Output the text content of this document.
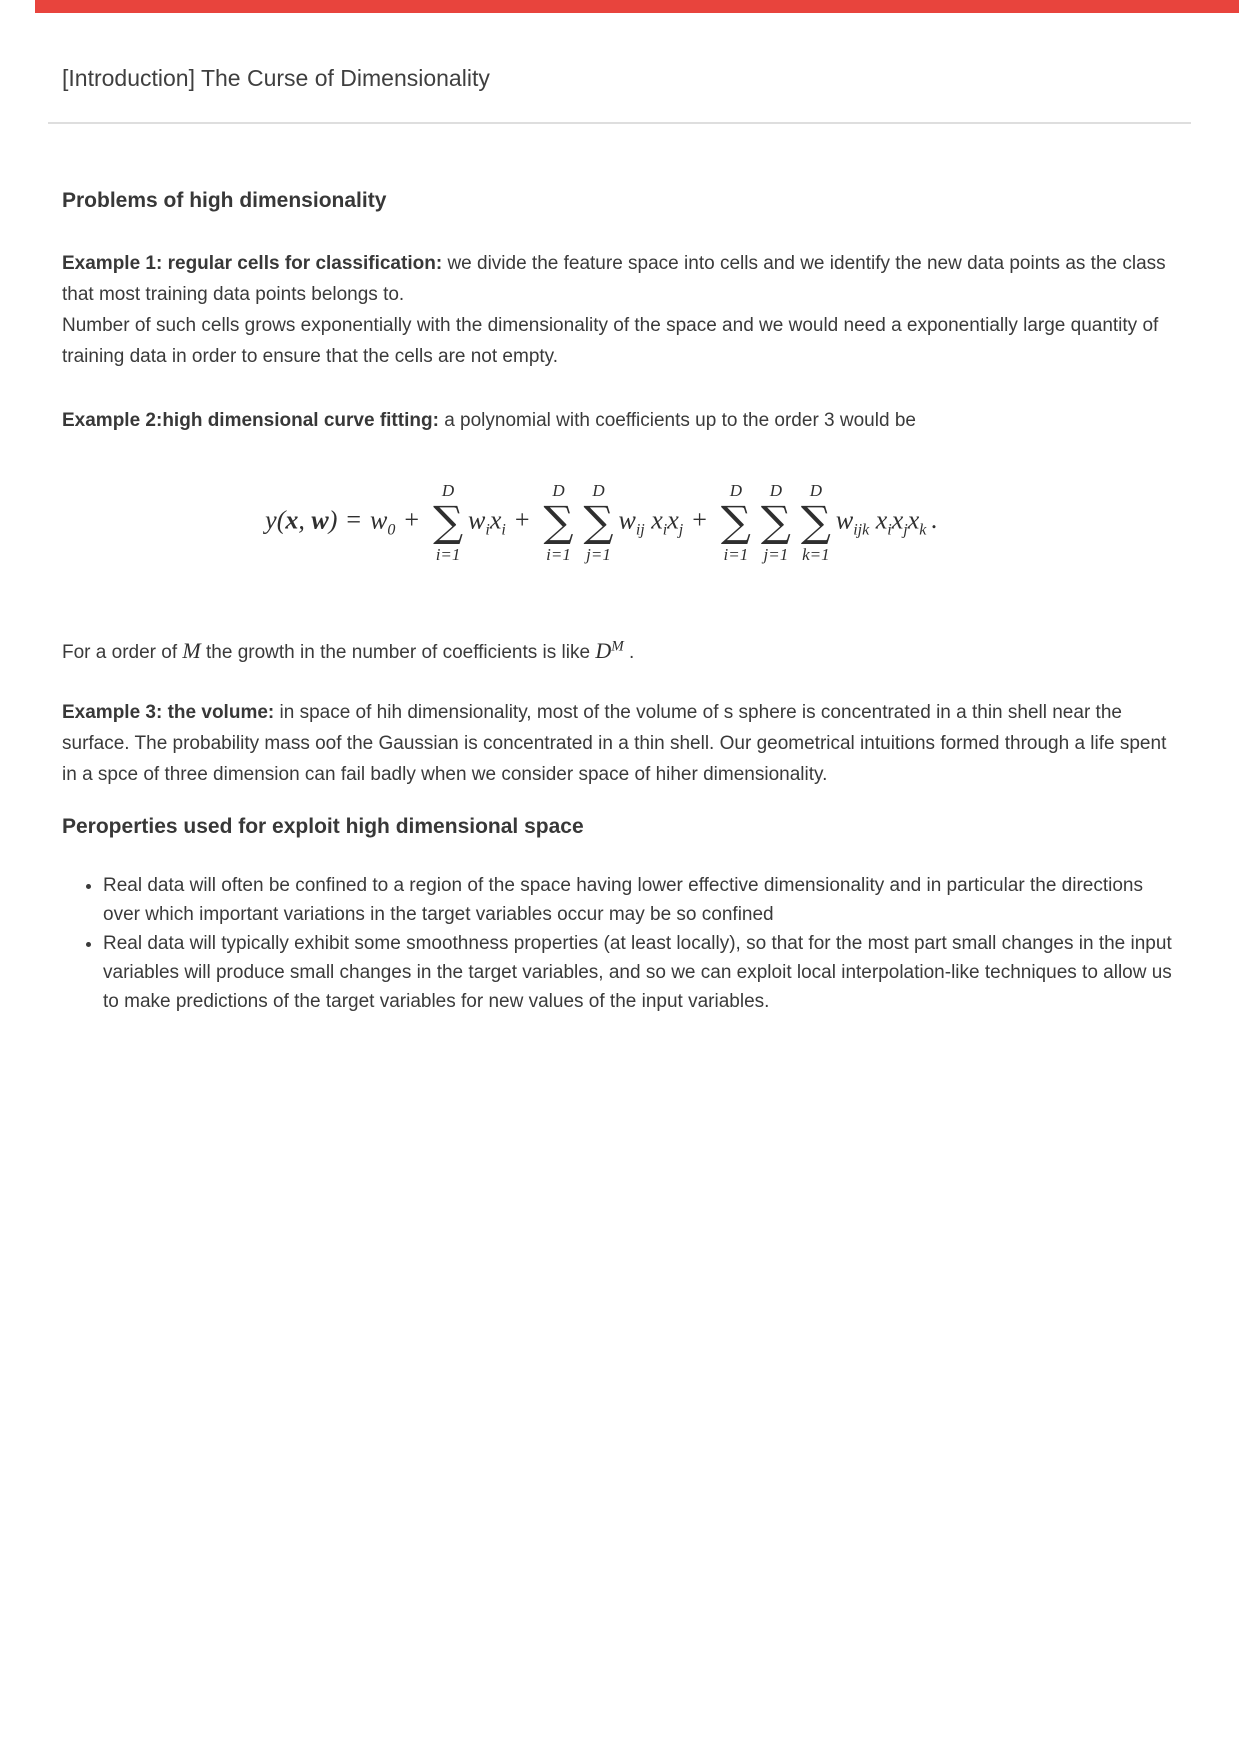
[Introduction] The Curse of Dimensionality
Problems of high dimensionality

Example 1: regular cells for classification: we divide the feature space into cells and we identify the new data points as the class that most training data points belongs to.
Number of such cells grows exponentially with the dimensionality of the space and we would need a exponentially large quantity of training data in order to ensure that the cells are not empty.

Example 2:high dimensional curve fitting: a polynomial with coefficients up to the order 3 would be

y(x, $w) = w_0$ +
D
∑
i=1
$w_ix_i$ +
D
∑
i=1
D
∑
j=1
$w_{ij}$ $x_ix_j$ +
D
∑
i=1
D
∑
j=1
D
∑
k=1
$w_{ijk}$ $x_ix_jx_k$ .

For a order of M the growth in the number of coefficients is like $D^M$ .

Example 3: the volume: in space of hih dimensionality, most of the volume of s sphere is concentrated in a thin shell near the surface. The probability mass oof the Gaussian is concentrated in a thin shell. Our geometrical intuitions formed through a life spent in a spce of three dimension can fail badly when we consider space of hiher dimensionality.

Peroperties used for exploit high dimensional space
• Real data will often be confined to a region of the space having lower effective dimensionality and in particular the directions over which important variations in the target variables occur may be so confined
• Real data will typically exhibit some smoothness properties (at least locally), so that for the most part small changes in the input variables will produce small changes in the target variables, and so we can exploit local interpolation-like techniques to allow us to make predictions of the target variables for new values of the input variables.
